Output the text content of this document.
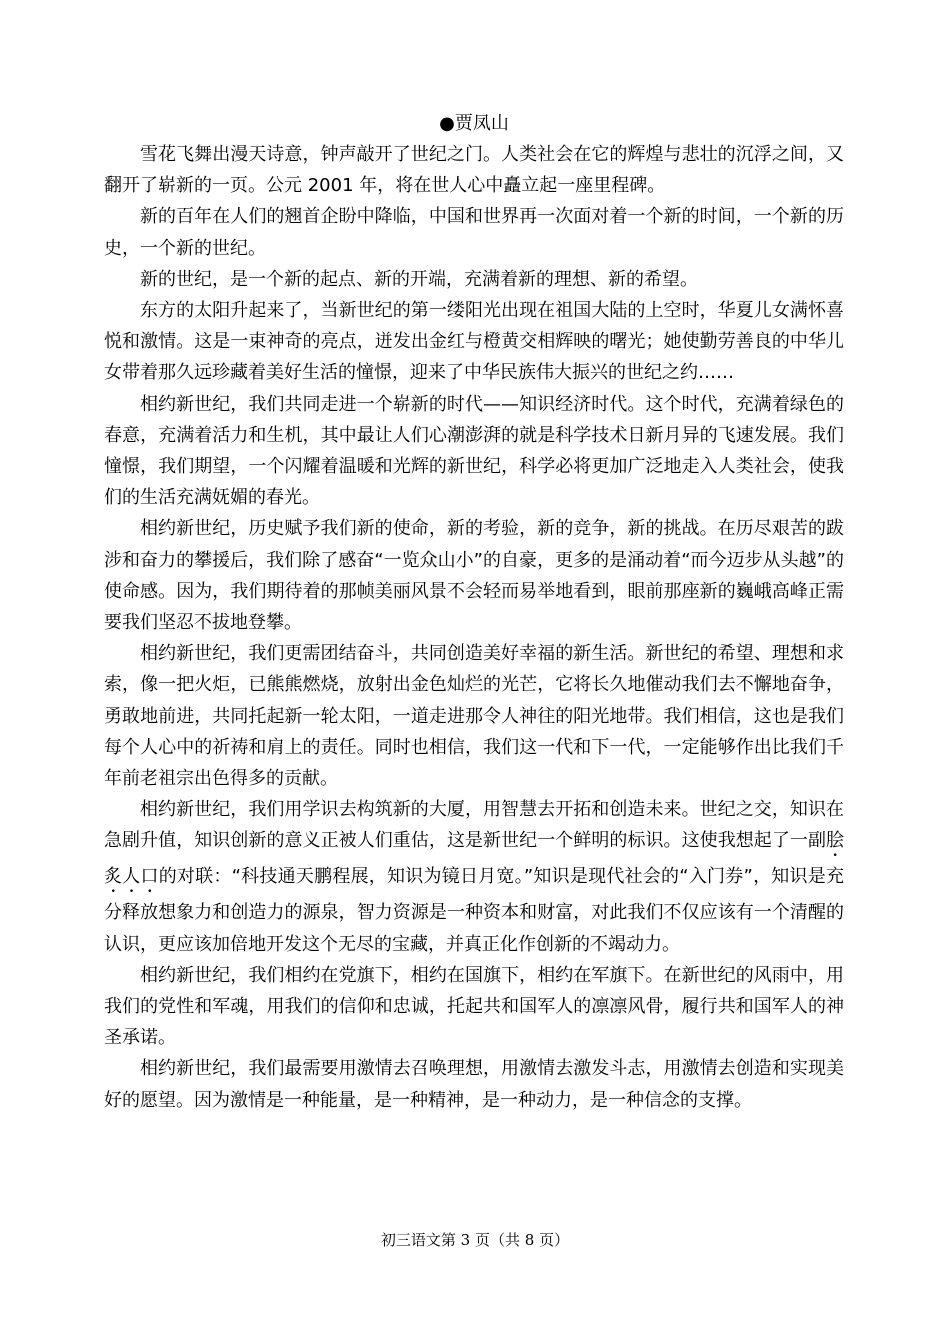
●贾凤山

雪花飞舞出漫天诗意，钟声敲开了世纪之门。人类社会在它的辉煌与悲壮的沉浮之间，又翻开了崭新的一页。公元 2001 年，将在世人心中矗立起一座里程碑。

新的百年在人们的翘首企盼中降临，中国和世界再一次面对着一个新的时间，一个新的历史，一个新的世纪。

新的世纪，是一个新的起点、新的开端，充满着新的理想、新的希望。

东方的太阳升起来了，当新世纪的第一缕阳光出现在祖国大陆的上空时，华夏儿女满怀喜悦和激情。这是一束神奇的亮点，迸发出金红与橙黄交相辉映的曙光；她使勤劳善良的中华儿女带着那久远珍藏着美好生活的憧憬，迎来了中华民族伟大振兴的世纪之约……

相约新世纪，我们共同走进一个崭新的时代——知识经济时代。这个时代，充满着绿色的春意，充满着活力和生机，其中最让人们心潮澎湃的就是科学技术日新月异的飞速发展。我们憧憬，我们期望，一个闪耀着温暖和光辉的新世纪，科学必将更加广泛地走入人类社会，使我们的生活充满妩媚的春光。

相约新世纪，历史赋予我们新的使命，新的考验，新的竞争，新的挑战。在历尽艰苦的跋涉和奋力的攀援后，我们除了感奋“一览众山小”的自豪，更多的是涌动着“而今迈步从头越”的使命感。因为，我们期待着的那帧美丽风景不会轻而易举地看到，眼前那座新的巍峨高峰正需要我们坚忍不拔地登攀。

相约新世纪，我们更需团结奋斗，共同创造美好幸福的新生活。新世纪的希望、理想和求索，像一把火炬，已熊熊燃烧，放射出金色灿烂的光芒，它将长久地催动我们去不懈地奋争，勇敢地前进，共同托起新一轮太阳，一道走进那令人神往的阳光地带。我们相信，这也是我们每个人心中的祈祷和肩上的责任。同时也相信，我们这一代和下一代，一定能够作出比我们千年前老祖宗出色得多的贡献。

相约新世纪，我们用学识去构筑新的大厦，用智慧去开拓和创造未来。世纪之交，知识在急剧升值，知识创新的意义正被人们重估，这是新世纪一个鲜明的标识。这使我想起了一副脍炙人口的对联：“科技通天鹏程展，知识为镜日月宽。”知识是现代社会的“入门券”，知识是充分释放想象力和创造力的源泉，智力资源是一种资本和财富，对此我们不仅应该有一个清醒的认识，更应该加倍地开发这个无尽的宝藏，并真正化作创新的不竭动力。

相约新世纪，我们相约在党旗下，相约在国旗下，相约在军旗下。在新世纪的风雨中，用我们的党性和军魂，用我们的信仰和忠诚，托起共和国军人的凛凛风骨，履行共和国军人的神圣承诺。

相约新世纪，我们最需要用激情去召唤理想，用激情去激发斗志，用激情去创造和实现美好的愿望。因为激情是一种能量，是一种精神，是一种动力，是一种信念的支撑。

初三语文第 3 页（共 8 页）
